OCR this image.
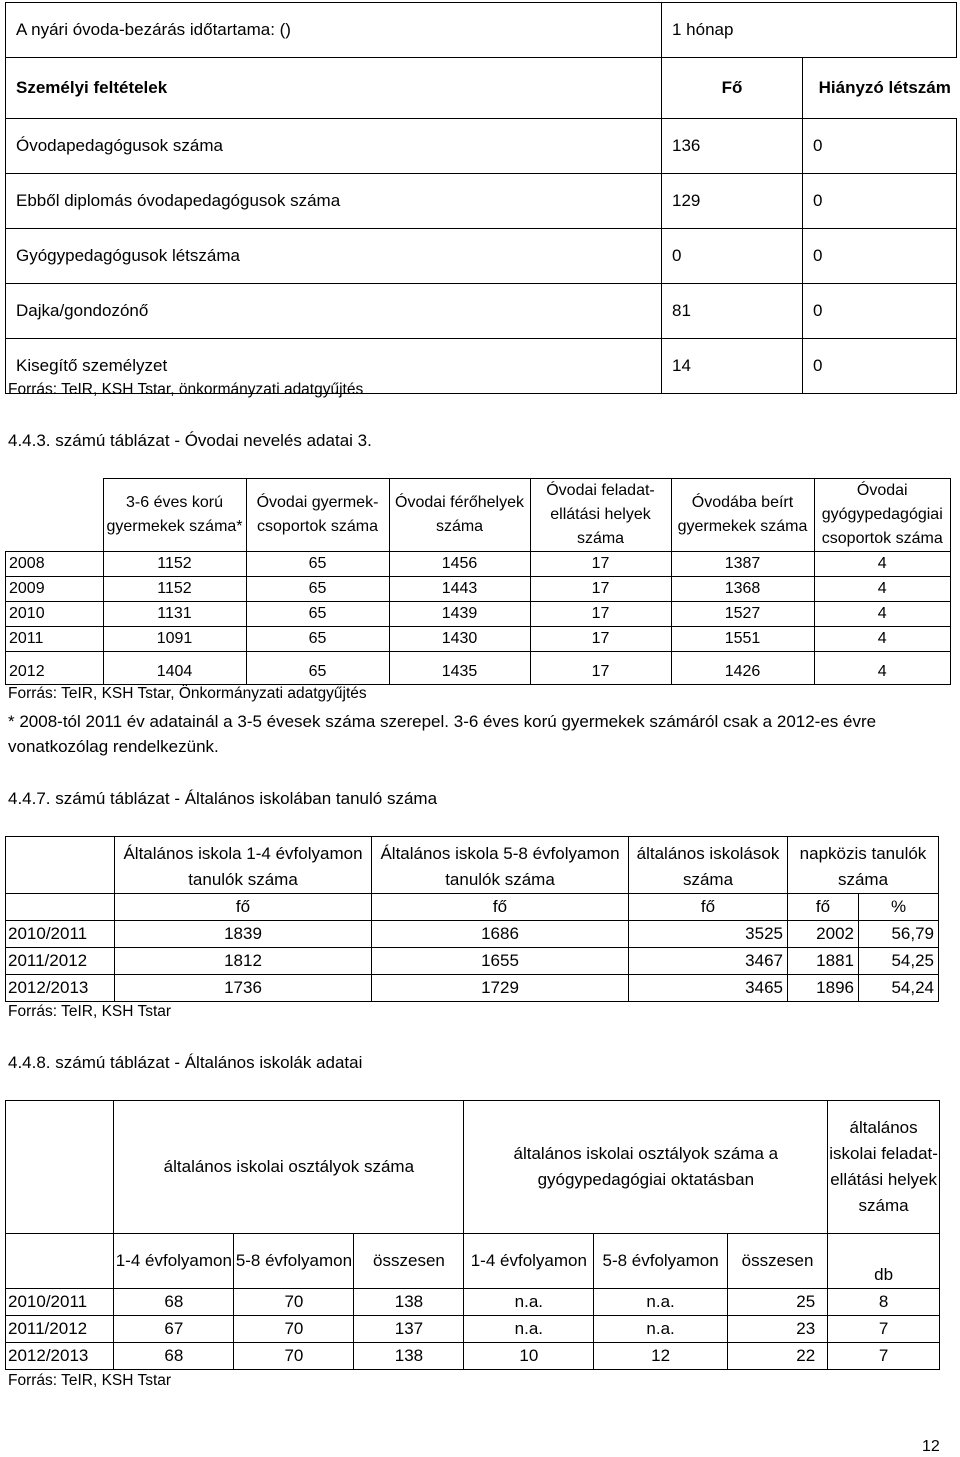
A nyári óvoda-bezárás időtartama: ()	1 hónap	
Személyi feltételek	Fő	Hiányzó létszám
Óvodapedagógusok száma	136	0
Ebből diplomás óvodapedagógusok száma	129	0
Gyógypedagógusok létszáma	0	0
Dajka/gondozónő	81	0
Kisegítő személyzet	14	0
Forrás: TeIR, KSH Tstar, önkormányzati adatgyűjtés
4.4.3. számú táblázat - Óvodai nevelés adatai 3.
	3-6 éves korú gyermekek száma*	Óvodai gyermek-csoportok száma	Óvodai férőhelyek száma	Óvodai feladat-ellátási helyek száma	Óvodába beírt gyermekek száma	Óvodai gyógypedagógiai csoportok száma
2008	1152	65	1456	17	1387	4
2009	1152	65	1443	17	1368	4
2010	1131	65	1439	17	1527	4
2011	1091	65	1430	17	1551	4
2012	1404	65	1435	17	1426	4
Forrás: TeIR, KSH Tstar, Önkormányzati adatgyűjtés
* 2008-tól 2011 év adatainál a 3-5 évesek száma szerepel. 3-6 éves korú gyermekek számáról csak a 2012-es évre vonatkozólag rendelkezünk.
4.4.7. számú táblázat - Általános iskolában tanuló száma
	Általános iskola 1-4 évfolyamon tanulók száma	Általános iskola 5-8 évfolyamon tanulók száma	általános iskolások száma	napközis tanulók száma	
	fő	fő	fő	fő	%
2010/2011	1839	1686	3525	2002	56,79
2011/2012	1812	1655	3467	1881	54,25
2012/2013	1736	1729	3465	1896	54,24
Forrás: TeIR, KSH Tstar
4.4.8. számú táblázat - Általános iskolák adatai
	általános iskolai osztályok száma			általános iskolai osztályok száma a gyógypedagógiai oktatásban			általános iskolai feladat-ellátási helyek száma
	1-4 évfolyamon	5-8 évfolyamon	összesen	1-4 évfolyamon	5-8 évfolyamon	összesen	db
2010/2011	68	70	138	n.a.	n.a.	25	8
2011/2012	67	70	137	n.a.	n.a.	23	7
2012/2013	68	70	138	10	12	22	7
Forrás: TeIR, KSH Tstar
12
